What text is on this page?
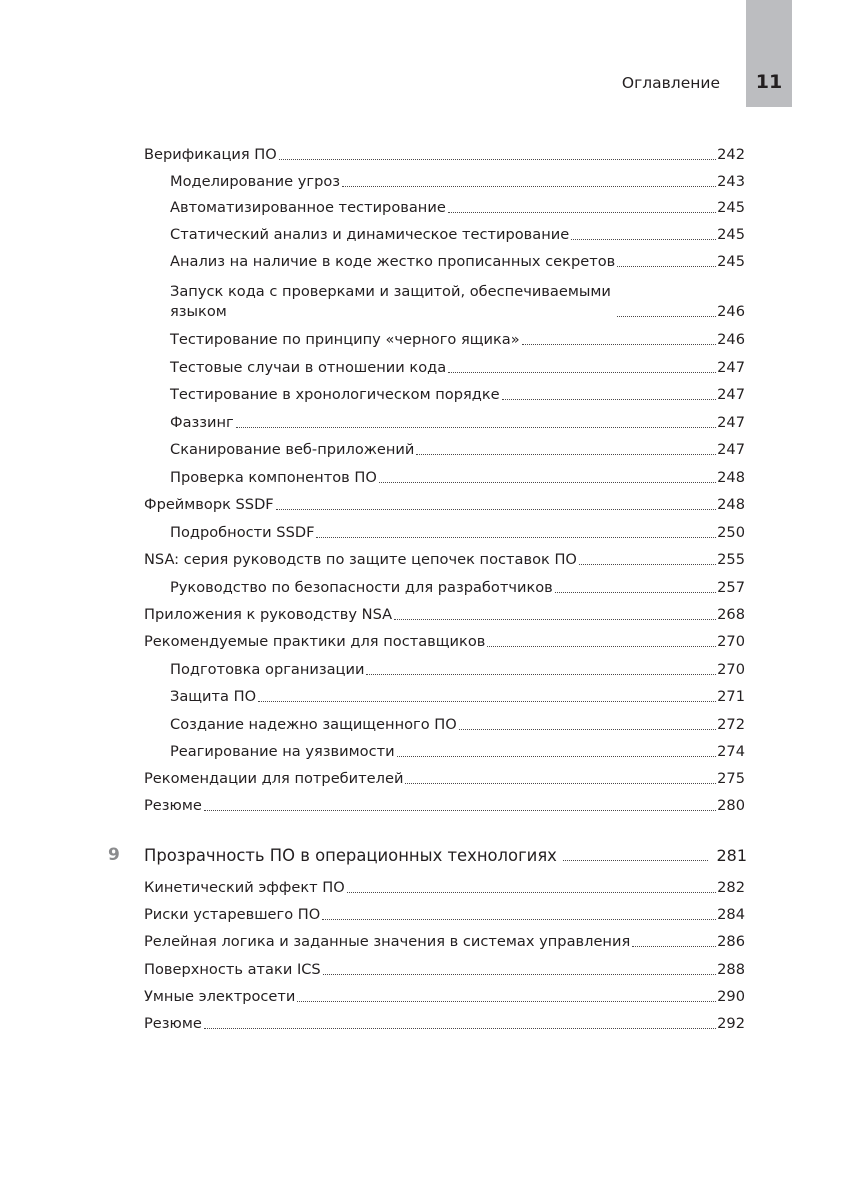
11
Оглавление
Верификация ПО	242
Моделирование угроз	243
Автоматизированное тестирование	245
Статический анализ и динамическое тестирование	245
Анализ на наличие в коде жестко прописанных секретов	245
Запуск кода с проверками и защитой, обеспечиваемыми
языком	246
Тестирование по принципу «черного ящика»	246
Тестовые случаи в отношении кода	247
Тестирование в хронологическом порядке	247
Фаззинг	247
Сканирование веб-приложений	247
Проверка компонентов ПО	248
Фреймворк SSDF	248
Подробности SSDF	250
NSA: серия руководств по защите цепочек поставок ПО	255
Руководство по безопасности для разработчиков	257
Приложения к руководству NSA	268
Рекомендуемые практики для поставщиков	270
Подготовка организации	270
Защита ПО	271
Создание надежно защищенного ПО	272
Реагирование на уязвимости	274
Рекомендации для потребителей	275
Резюме	280
Прозрачность ПО в операционных технологиях	281
Кинетический эффект ПО	282
Риски устаревшего ПО	284
Релейная логика и заданные значения в системах управления	286
Поверхность атаки ICS	288
Умные электросети	290
Резюме	292
9
